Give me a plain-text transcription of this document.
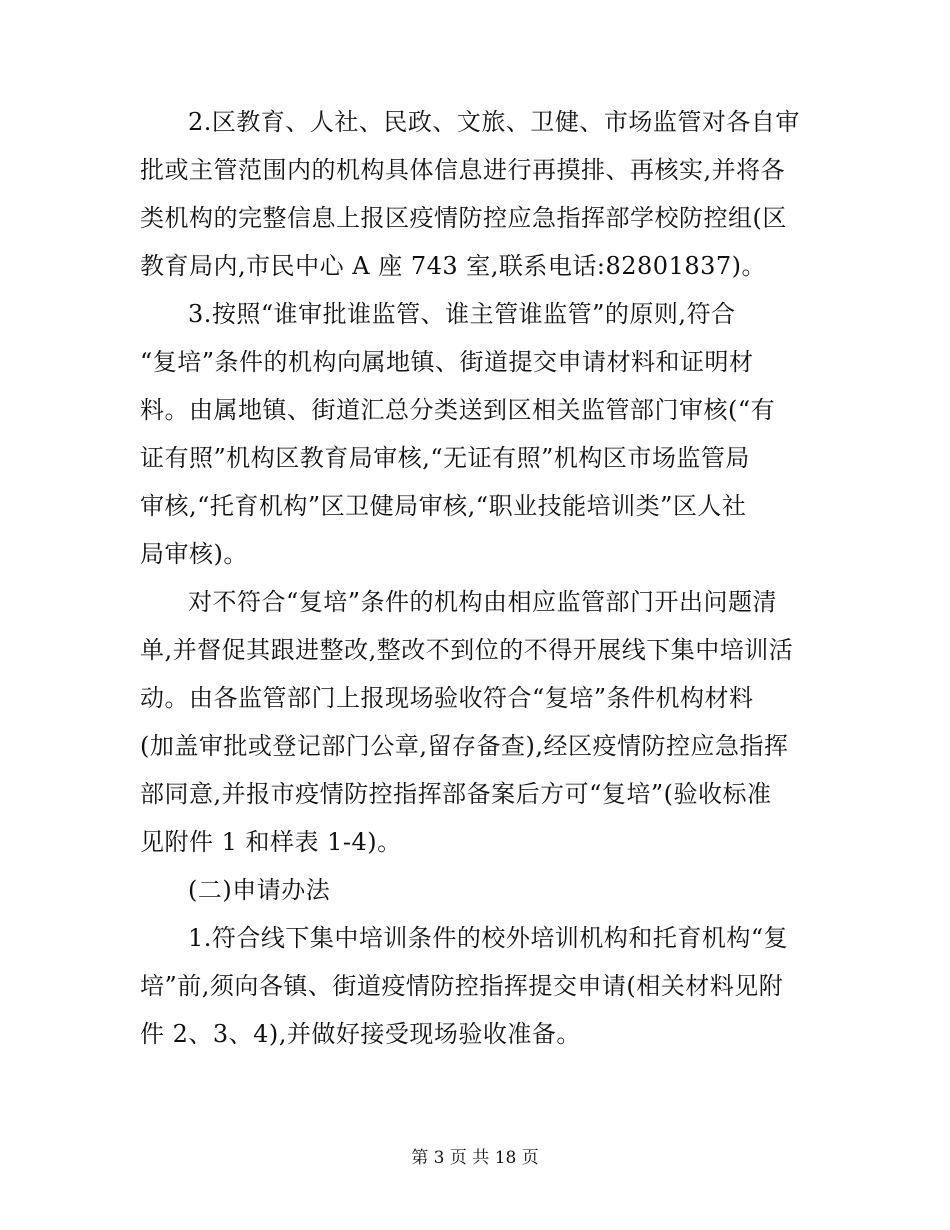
2.区教育、人社、民政、文旅、卫健、市场监管对各自审
批或主管范围内的机构具体信息进行再摸排、再核实,并将各
类机构的完整信息上报区疫情防控应急指挥部学校防控组(区
教育局内,市民中心 A 座 743 室,联系电话:82801837)。
3.按照“谁审批谁监管、谁主管谁监管”的原则,符合
“复培”条件的机构向属地镇、街道提交申请材料和证明材
料。由属地镇、街道汇总分类送到区相关监管部门审核(“有
证有照”机构区教育局审核,“无证有照”机构区市场监管局
审核,“托育机构”区卫健局审核,“职业技能培训类”区人社
局审核)。
对不符合“复培”条件的机构由相应监管部门开出问题清
单,并督促其跟进整改,整改不到位的不得开展线下集中培训活
动。由各监管部门上报现场验收符合“复培”条件机构材料
(加盖审批或登记部门公章,留存备查),经区疫情防控应急指挥
部同意,并报市疫情防控指挥部备案后方可“复培”(验收标准
见附件 1 和样表 1-4)。
(二)申请办法
1.符合线下集中培训条件的校外培训机构和托育机构“复
培”前,须向各镇、街道疫情防控指挥提交申请(相关材料见附
件 2、3、4),并做好接受现场验收准备。
第 3 页 共 18 页
